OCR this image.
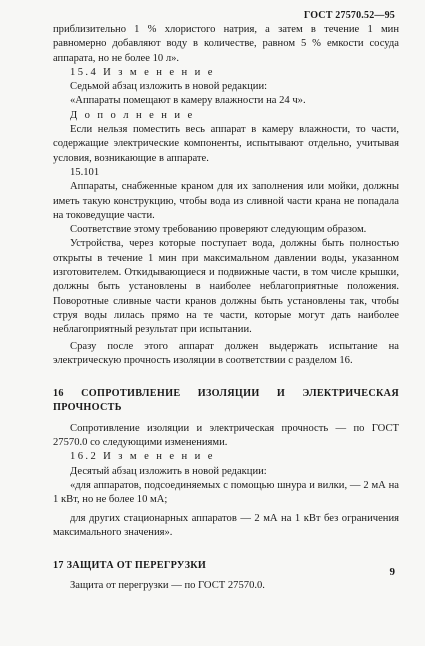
ГОСТ 27570.52—95

приблизительно 1 % хлористого натрия, а затем в течение 1 мин равномерно добавляют воду в количестве, равном 5 % емкости сосуда аппарата, но не более 10 л».

15.4 И з м е н е н и е

Седьмой абзац изложить в новой редакции:

«Аппараты помещают в камеру влажности на 24 ч».

Д о п о л н е н и е

Если нельзя поместить весь аппарат в камеру влажности, то части, содержащие электрические компоненты, испытывают отдельно, учитывая условия, возникающие в аппарате.

15.101

Аппараты, снабженные краном для их заполнения или мойки, должны иметь такую конструкцию, чтобы вода из сливной части крана не попадала на токоведущие части.

Соответствие этому требованию проверяют следующим образом.

Устройства, через которые поступает вода, должны быть полностью открыты в течение 1 мин при максимальном давлении воды, указанном изготовителем. Откидывающиеся и подвижные части, в том числе крышки, должны быть установлены в наиболее неблагоприятные положения. Поворотные сливные части кранов должны быть установлены так, чтобы струя воды лилась прямо на те части, которые могут дать наиболее неблагоприятный результат при испытании.

Сразу после этого аппарат должен выдержать испытание на электрическую прочность изоляции в соответствии с разделом 16.

16 СОПРОТИВЛЕНИЕ ИЗОЛЯЦИИ И ЭЛЕКТРИЧЕСКАЯ ПРОЧНОСТЬ

Сопротивление изоляции и электрическая прочность — по ГОСТ 27570.0 со следующими изменениями.

16.2 И з м е н е н и е

Десятый абзац изложить в новой редакции:

«для аппаратов, подсоединяемых с помощью шнура и вилки, — 2 мА на 1 кВт, но не более 10 мА;

для других стационарных аппаратов — 2 мА на 1 кВт без ограничения максимального значения».

17 ЗАЩИТА ОТ ПЕРЕГРУЗКИ

Защита от перегрузки — по ГОСТ 27570.0.

9
